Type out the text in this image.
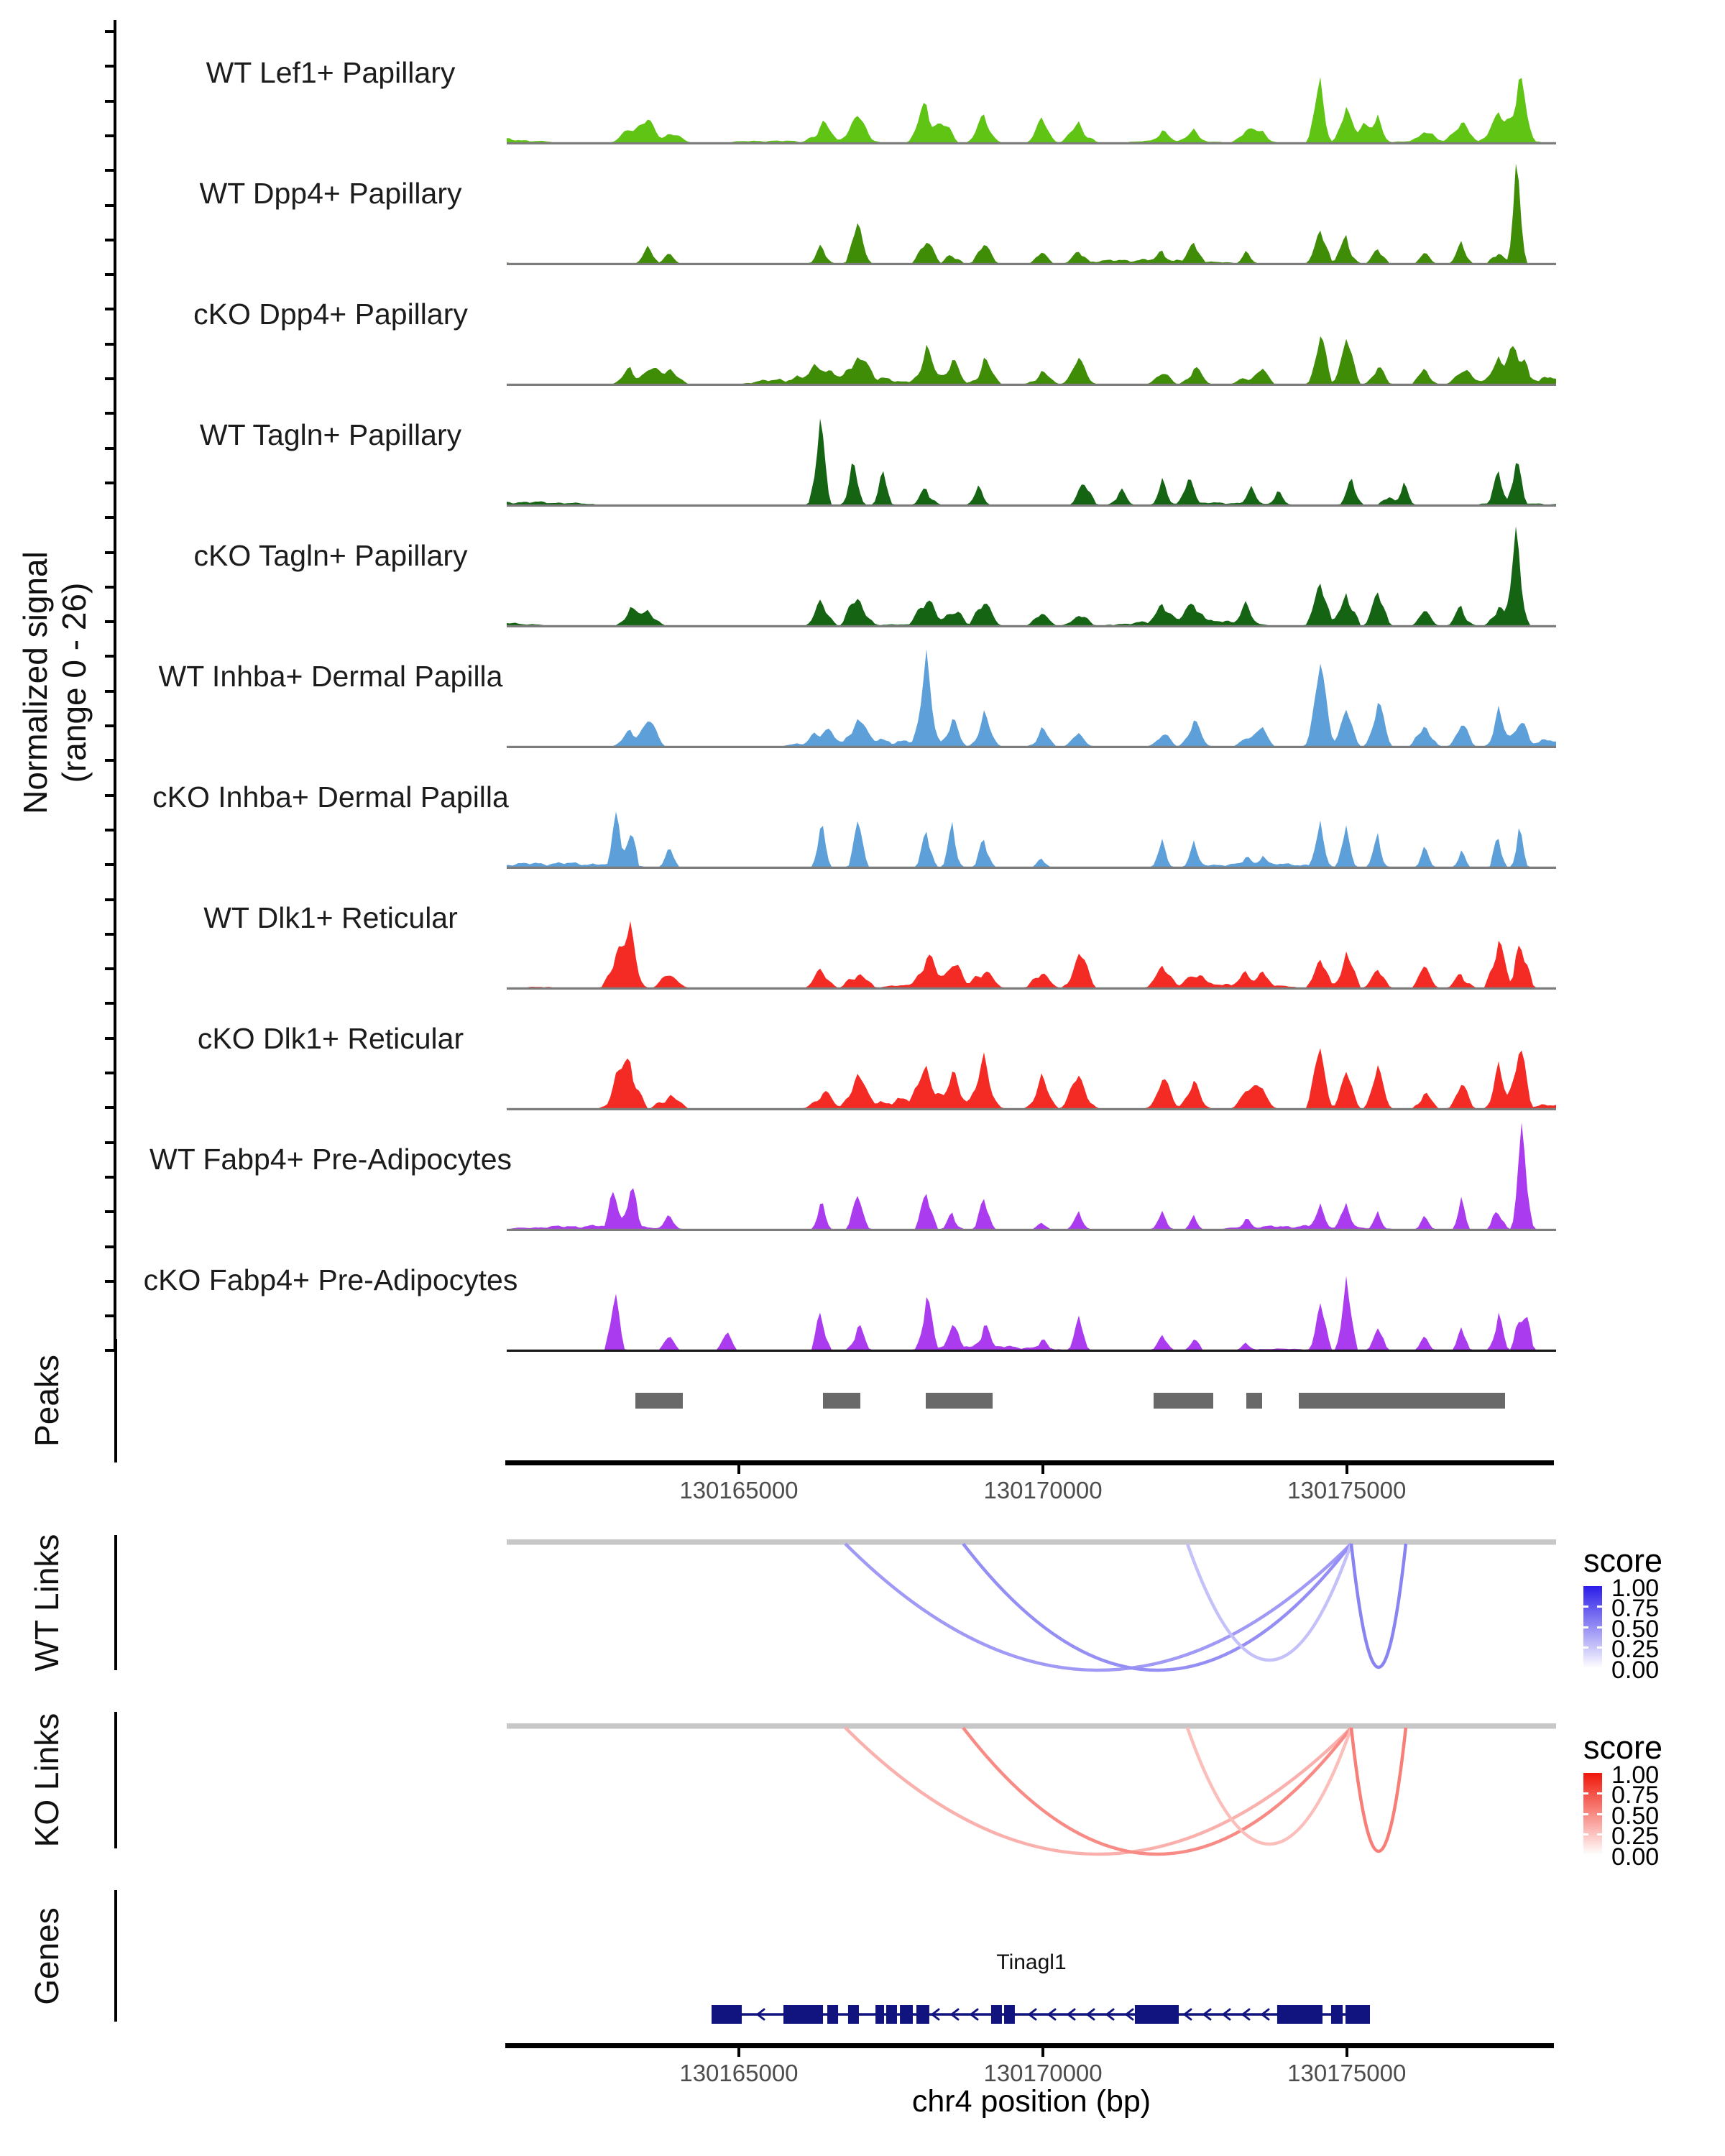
Normalized signal (range 0 - 26)
WT Lef1+ Papillary
WT Dpp4+ Papillary
cKO Dpp4+ Papillary
WT Tagln+ Papillary
cKO Tagln+ Papillary
WT Inhba+ Dermal Papilla
cKO Inhba+ Dermal Papilla
WT Dlk1+ Reticular
cKO Dlk1+ Reticular
WT Fabp4+ Pre-Adipocytes
cKO Fabp4+ Pre-Adipocytes
Peaks
130165000	130170000	130175000
WT Links	score
1.00
0.75
0.50
0.25
0.00
KO Links	score
1.00
0.75
0.50
0.25
0.00
Genes	Tinagl1
130165000	130170000	130175000
chr4 position (bp)
